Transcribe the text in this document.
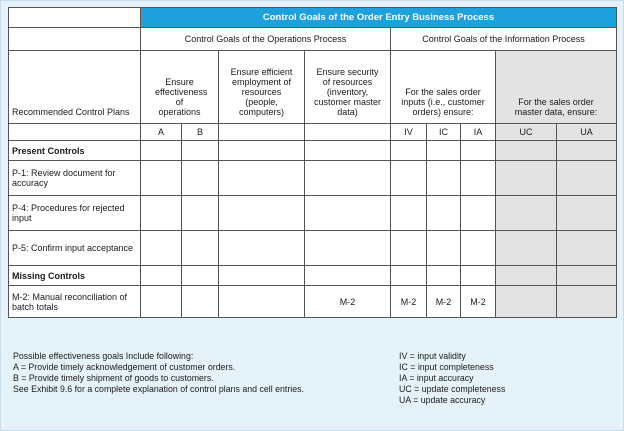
	Control Goals of the Order Entry Business Process								
	Control Goals of the Operations Process				Control Goals of the Information Process				
Recommended Control Plans	Ensure effectiveness of operations		Ensure efficient employment of resources (people, computers)	Ensure security of resources (inventory, customer master data)	For the sales order inputs (i.e., customer orders) ensure:			For the sales order master data, ensure:	
	A	B			IV	IC	IA	UC	UA
Present Controls									
P-1: Review document for accuracy									
P-4: Procedures for rejected input									
P-5: Confirm input acceptance									
Missing Controls									
M-2: Manual reconciliation of batch totals				M-2	M-2	M-2	M-2		
Possible effectiveness goals Include following:
A = Provide timely acknowledgement of customer orders.
B = Provide timely shipment of goods to customers.
See Exhibit 9.6 for a complete explanation of control plans and cell entries.
IV = input validity
IC = input completeness
IA = input accuracy
UC = update completeness
UA = update accuracy
